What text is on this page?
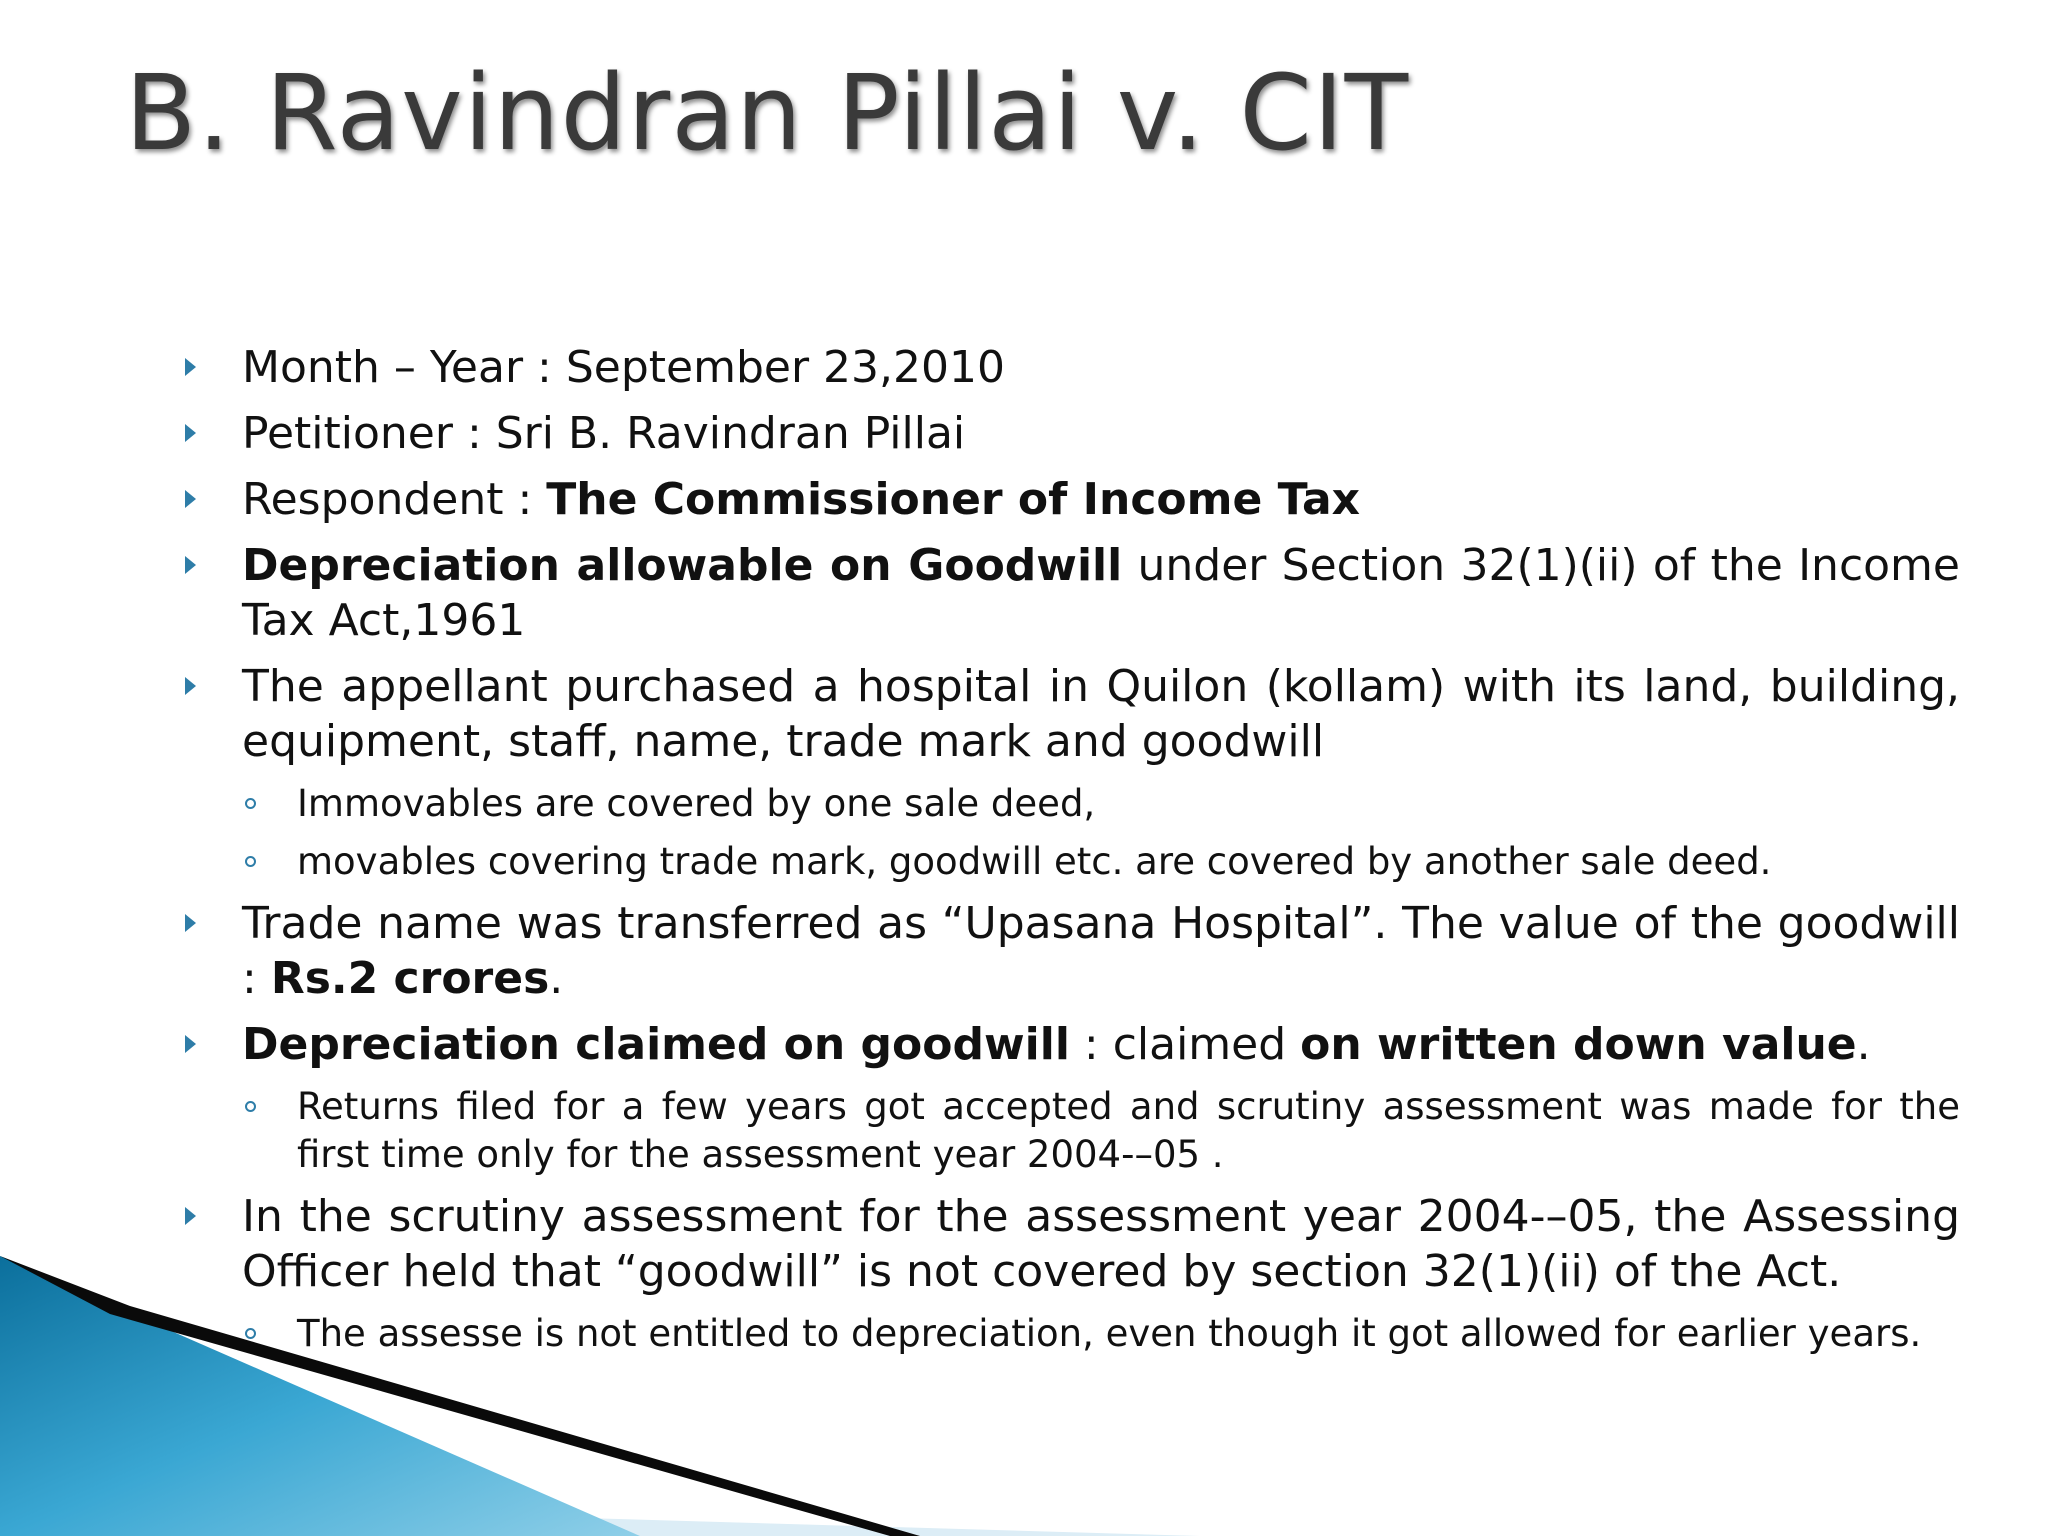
B. Ravindran Pillai v. CIT
Month – Year : September 23,2010
Petitioner : Sri B. Ravindran Pillai
Respondent : The Commissioner of Income Tax
Depreciation allowable on Goodwill under Section 32(1)(ii) of the Income Tax Act,1961
The appellant purchased a hospital in Quilon (kollam) with its land, building, equipment, staff, name, trade mark and goodwill
Immovables are covered by one sale deed,
movables covering trade mark, goodwill etc. are covered by another sale deed.
Trade name was transferred as “Upasana Hospital”. The value of the goodwill : Rs.2 crores.
Depreciation claimed on goodwill : claimed on written down value.
Returns filed for a few years got accepted and scrutiny assessment was made for the first time only for the assessment year 2004-–05 .
In the scrutiny assessment for the assessment year 2004-–05, the Assessing Officer held that “goodwill” is not covered by section 32(1)(ii) of the Act.
The assesse is not entitled to depreciation, even though it got allowed for earlier years.
